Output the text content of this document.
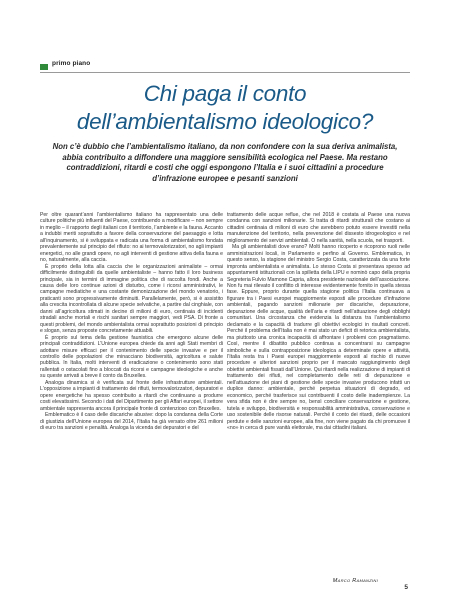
primo piano
Chi paga il conto
dell’ambientalismo ideologico?
Non c’è dubbio che l’ambientalismo italiano, da non confondere con la sua deriva animalista, abbia contribuito a diffondere una maggiore sensibilità ecologica nel Paese. Ma restano contraddizioni, ritardi e costi che oggi espongono l’Italia e i suoi cittadini a procedure d’infrazione europee e pesanti sanzioni

Per oltre quarant’anni l’ambientalismo italiano ha rappresentato una delle culture politiche più influenti del Paese, contribuendo a modificare – non sempre in meglio – il rapporto degli italiani con il territorio, l’ambiente e la fauna. Accanto a indubbi meriti soprattutto a favore della conservazione del paesaggio e lotta all’inquinamento, si è sviluppata e radicata una forma di ambientalismo fondata prevalentemente sul principio del rifiuto: no ai termovalorizzatori, no agli impianti energetici, no alle grandi opere, no agli interventi di gestione attiva della fauna e no, naturalmente, alla caccia.

È proprio della lotta alla caccia che le organizzazioni animaliste – ormai difficilmente distinguibili da quelle ambientaliste – hanno fatto il loro business principale, sia in termini di immagine politica che di raccolta fondi. Anche a causa delle loro continue azioni di disturbo, come i ricorsi amministrativi, le campagne mediatiche e una costante demonizzazione del mondo venatorio, i praticanti sono progressivamente diminuiti. Parallelamente, però, si è assistito alla crescita incontrollata di alcune specie selvatiche, a partire dal cinghiale, con danni all’agricoltura stimati in decine di milioni di euro, centinaia di incidenti stradali anche mortali e rischi sanitari sempre maggiori, vedi PSA. Di fronte a questi problemi, del mondo ambientalista ormai soprattutto posizioni di principio e slogan, senza proposte concretamente attuabili.

È proprio sul tema della gestione faunistica che emergono alcune delle principali contraddizioni. L’Unione europea chiede da anni agli Stati membri di adottare misure efficaci per il contenimento delle specie invasive e per il controllo delle popolazioni che minacciano biodiversità, agricoltura e salute pubblica. In Italia, molti interventi di eradicazione o contenimento sono stati rallentati o ostacolati fino a bloccati da ricorsi e campagne ideologiche e anche su queste arrivati a breve il conto da Bruxelles.

Analoga dinamica si è verificata sul fronte delle infrastrutture ambientali. L’opposizione a impianti di trattamento dei rifiuti, termovalorizzatori, depuratori e opere energetiche ha spesso contribuito a ritardi che continuano a produrre costi elevatissimi. Secondo i dati del Dipartimento per gli Affari europei, il settore ambientale rappresenta ancora il principale fronte di contenzioso con Bruxelles.

Emblematico è il caso delle discariche abusive: dopo la condanna della Corte di giustizia dell’Unione europea del 2014, l’Italia ha già versato oltre 261 milioni di euro tra sanzioni e penalità. Analoga la vicenda dei depuratori e del

trattamento delle acque reflue, che nel 2018 è costata al Paese una nuova condanna con sanzioni milionarie. Si tratta di ritardi strutturali che costano ai cittadini centinaia di milioni di euro che avrebbero potuto essere investiti nella manutenzione del territorio, nella prevenzione del dissesto idrogeologico e nel miglioramento dei servizi ambientali. O nella sanità, nella scuola, nei trasporti.

Ma gli ambientalisti dove erano? Molti hanno ricoperto e ricoprono ruoli nelle amministrazioni locali, in Parlamento e perfino al Governo. Emblematica, in questo senso, la stagione del ministro Sergio Costa, caratterizzata da una forte impronta ambientalista e animalista. Lo stesso Costa si presentava spesso ad appuntamenti istituzionali con la spilletta della LIPU e nominò capo della propria Segreteria Fulvio Mamone Capria, allora presidente nazionale dell’associazione. Non fu mai rilevato il conflitto di interesse evidentemente fornito in quella stessa fase. Eppure, proprio durante quella stagione politica l’Italia continuava a figurare tra i Paesi europei maggiormente esposti alle procedure d’infrazione ambientali, pagando sanzioni milionarie per discariche, depurazione, depurazione delle acque, qualità dell’aria e ritardi nell’attuazione degli obblighi comunitari. Una circostanza che evidenzia la distanza tra l’ambientalismo declamato e la capacità di tradurre gli obiettivi ecologici in risultati concreti. Perché il problema dell’Italia non è mai stato un deficit di retorica ambientalista, ma piuttosto una cronica incapacità di affrontare i problemi con pragmatismo. Così, mentre il dibattito pubblico continua a concentrarsi su campagne simboliche e sulla contrapposizione ideologica a determinate opere e attività, l’Italia resta tra i Paesi europei maggiormente esposti al rischio di nuove procedure e ulteriori sanzioni proprio per il mancato raggiungimento degli obiettivi ambientali fissati dall’Unione. Qui ritardi nella realizzazione di impianti di trattamento dei rifiuti, nel completamento delle reti di depurazione e nell’attuazione dei piani di gestione delle specie invasive producono infatti un duplice danno: ambientale, perché perpetua situazioni di degrado, ed economico, perché trasferisce sui contribuenti il costo delle inadempienze. La vera sfida non è dire sempre no, bensì conciliare conservazione e gestione, tutela e sviluppo, biodiversità e responsabilità amministrativa, conservazione e uso sostenibile delle risorse naturali. Perché il conto dei ritardi, delle occasioni perdute e delle sanzioni europee, alla fine, non viene pagato da chi promuove il «no» in cerca di pure vanità elettorale, ma dai cittadini italiani.

Marco Ramanzini
5
